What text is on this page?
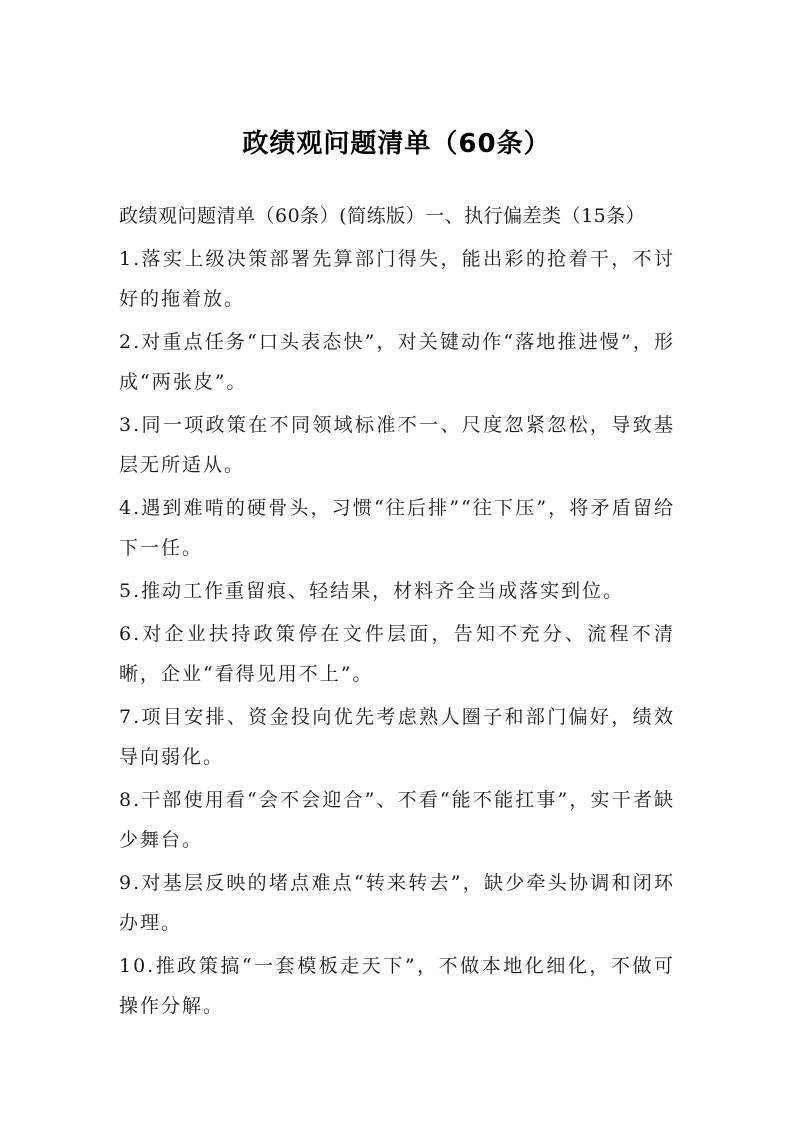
政绩观问题清单（60条）

政绩观问题清单（60条）(简练版）一、执行偏差类（15条）

1.落实上级决策部署先算部门得失，能出彩的抢着干，不讨好的拖着放。

2.对重点任务“口头表态快”，对关键动作“落地推进慢”，形成“两张皮”。

3.同一项政策在不同领域标准不一、尺度忽紧忽松，导致基层无所适从。

4.遇到难啃的硬骨头，习惯“往后排”“往下压”，将矛盾留给下一任。

5.推动工作重留痕、轻结果，材料齐全当成落实到位。

6.对企业扶持政策停在文件层面，告知不充分、流程不清晰，企业“看得见用不上”。

7.项目安排、资金投向优先考虑熟人圈子和部门偏好，绩效导向弱化。

8.干部使用看“会不会迎合”、不看“能不能扛事”，实干者缺少舞台。

9.对基层反映的堵点难点“转来转去”，缺少牵头协调和闭环办理。

10.推政策搞“一套模板走天下”，不做本地化细化，不做可操作分解。
